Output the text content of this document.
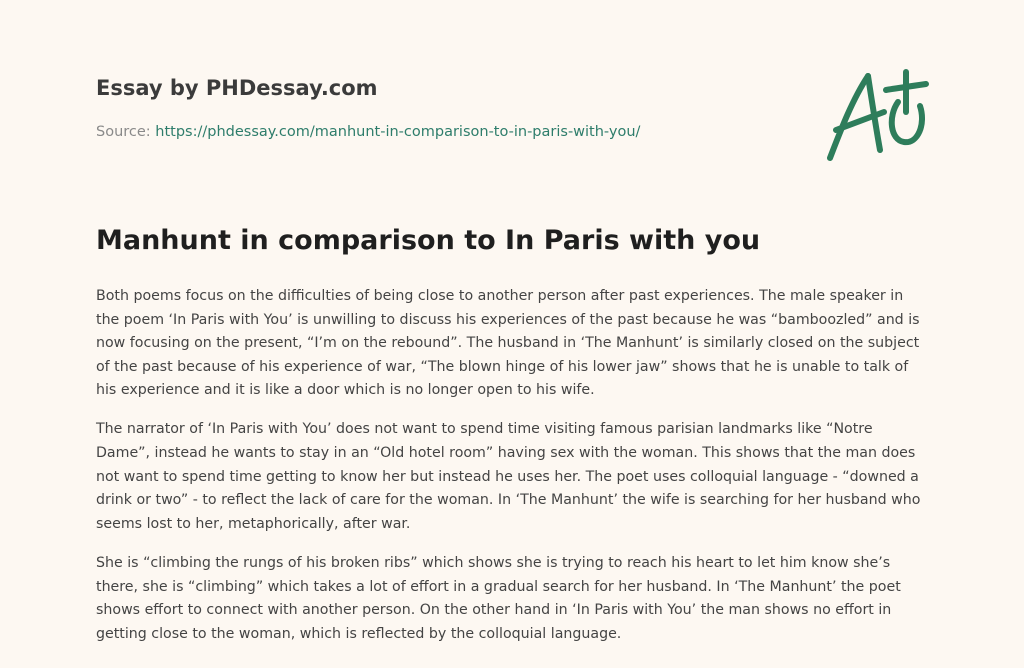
Essay by PHDessay.com
Source: https://phdessay.com/manhunt-in-comparison-to-in-paris-with-you/
Manhunt in comparison to In Paris with you

Both poems focus on the difficulties of being close to another person after past experiences. The male speaker in the poem ‘In Paris with You’ is unwilling to discuss his experiences of the past because he was “bamboozled” and is now focusing on the present, “I’m on the rebound”. The husband in ‘The Manhunt’ is similarly closed on the subject of the past because of his experience of war, “The blown hinge of his lower jaw” shows that he is unable to talk of his experience and it is like a door which is no longer open to his wife.

The narrator of ‘In Paris with You’ does not want to spend time visiting famous parisian landmarks like “Notre Dame”, instead he wants to stay in an “Old hotel room” having sex with the woman. This shows that the man does not want to spend time getting to know her but instead he uses her. The poet uses colloquial language - “downed a drink or two” - to reflect the lack of care for the woman. In ‘The Manhunt’ the wife is searching for her husband who seems lost to her, metaphorically, after war.

She is “climbing the rungs of his broken ribs” which shows she is trying to reach his heart to let him know she’s there, she is “climbing” which takes a lot of effort in a gradual search for her husband. In ‘The Manhunt’ the poet shows effort to connect with another person. On the other hand in ‘In Paris with You’ the man shows no effort in getting close to the woman, which is reflected by the colloquial language.
